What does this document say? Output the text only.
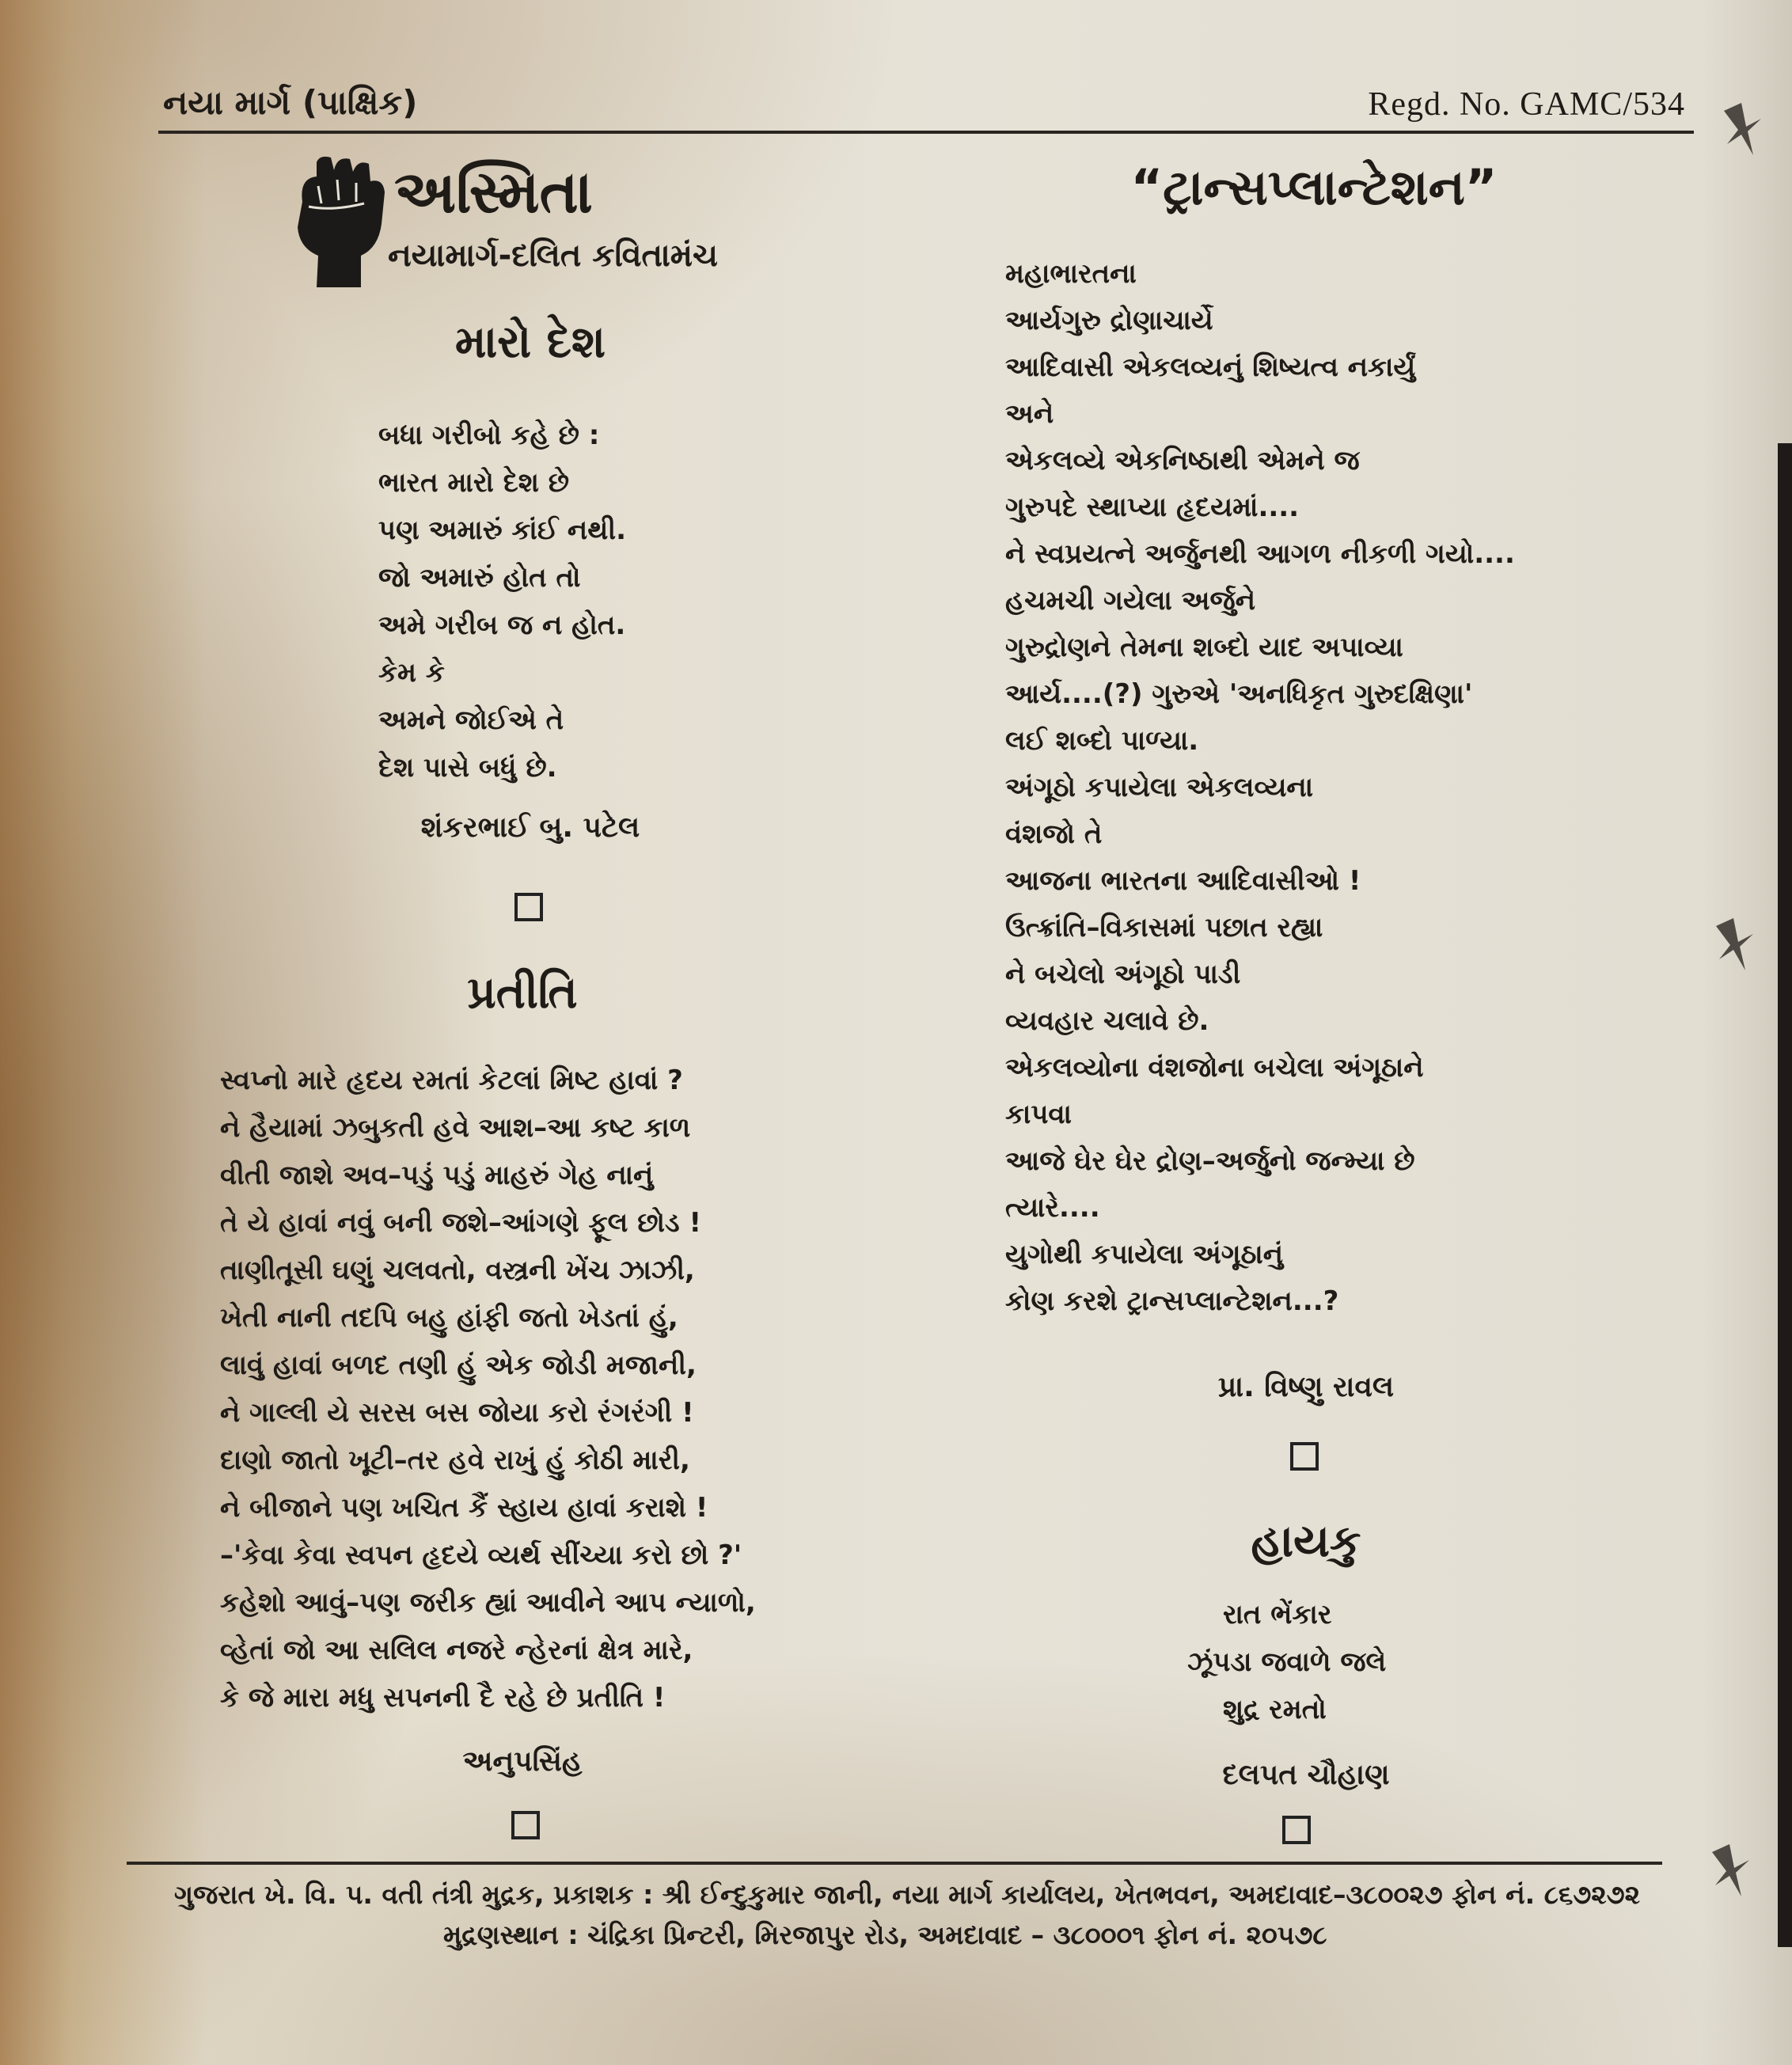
નયા માર્ગ (પાક્ષિક)	Regd. No. GAMC/534
અસ્મિતા
નયામાર્ગ-દલિત કવિતામંચ
મારો દેશ
બધા ગરીબો કહે છે :
ભારત મારો દેશ છે
પણ અમારું કાંઈ નથી.
જો અમારું હોત તો
અમે ગરીબ જ ન હોત.
કેમ કે
અમને જોઈએ તે
દેશ પાસે બધું છે.
શંકરભાઈ બુ. પટેલ
પ્રતીતિ
સ્વપ્નો મારે હૃદય રમતાં કેટલાં મિષ્ટ હાવાં ?
ને હૈયામાં ઝબુકતી હવે આશ–આ કષ્ટ કાળ
વીતી જાશે અવ–પડું પડું માહરું ગેહ નાનું
તે યે હાવાં નવું બની જશે–આંગણે ફૂલ છોડ !
તાણીતૂસી ઘણું ચલવતો, વસ્ત્રની ખેંચ ઝાઝી,
ખેતી નાની તદપિ બહુ હાંફી જતો ખેડતાં હું,
લાવું હાવાં બળદ તણી હું એક જોડી મજાની,
ને ગાલ્લી યે સરસ બસ જોયા કરો રંગરંગી !
દાણો જાતો ખૂટી–તર હવે રાખું હું કોઠી મારી,
ને બીજાને પણ ખચિત કૈં સ્હાય હાવાં કરાશે !
–'કેવા કેવા સ્વપન હૃદયે વ્યર્થ સીંચ્યા કરો છો ?'
કહેશો આવું–પણ જરીક હ્યાં આવીને આપ ન્યાળો,
વ્હેતાં જો આ સલિલ નજરે ન્હેરનાં ક્ષેત્ર મારે,
કે જે મારા મધુ સપનની દૈ રહે છે પ્રતીતિ !
અનુપસિંહ
“ટ્રાન્સપ્લાન્ટેશન”
મહાભારતના
આર્યગુરુ દ્રોણાચાર્યે
આદિવાસી એકલવ્યનું શિષ્યત્વ નકાર્યું
અને
એકલવ્યે એકનિષ્ઠાથી એમને જ
ગુરુપદે સ્થાપ્યા હૃદયમાં....
ને સ્વપ્રયત્ને અર્જુનથી આગળ નીકળી ગયો....
હચમચી ગયેલા અર્જુને
ગુરુદ્રોણને તેમના શબ્દો યાદ અપાવ્યા
આર્ય....(?) ગુરુએ 'અનધિકૃત ગુરુદક્ષિણા'
લઈ શબ્દો પાળ્યા.
અંગૂઠો કપાયેલા એકલવ્યના
વંશજો તે
આજના ભારતના આદિવાસીઓ !
ઉત્ક્રાંતિ–વિકાસમાં પછાત રહ્યા
ને બચેલો અંગૂઠો પાડી
વ્યવહાર ચલાવે છે.
એકલવ્યોના વંશજોના બચેલા અંગૂઠાને
કાપવા
આજે ઘેર ઘેર દ્રોણ–અર્જુનો જન્મ્યા છે
ત્યારે....
યુગોથી કપાયેલા અંગૂઠાનું
કોણ કરશે ટ્રાન્સપ્લાન્ટેશન...?
પ્રા. વિષ્ણુ રાવલ
હાયકુ
રાત ભેંકાર
ઝૂંપડા જવાળે જલે
શુદ્ર રમતો
દલપત ચૌહાણ
ગુજરાત ખે. વિ. પ. વતી તંત્રી મુદ્રક, પ્રકાશક : શ્રી ઈન્દુકુમાર જાની, નયા માર્ગ કાર્યાલય, ખેતભવન, અમદાવાદ–૩૮૦૦૨૭ ફોન નં. ૮૬૭૨૭૨
મુદ્રણસ્થાન : ચંદ્રિકા પ્રિન્ટરી, મિરજાપુર રોડ, અમદાવાદ – ૩૮૦૦૦૧ ફોન નં. ૨૦૫૭૮
